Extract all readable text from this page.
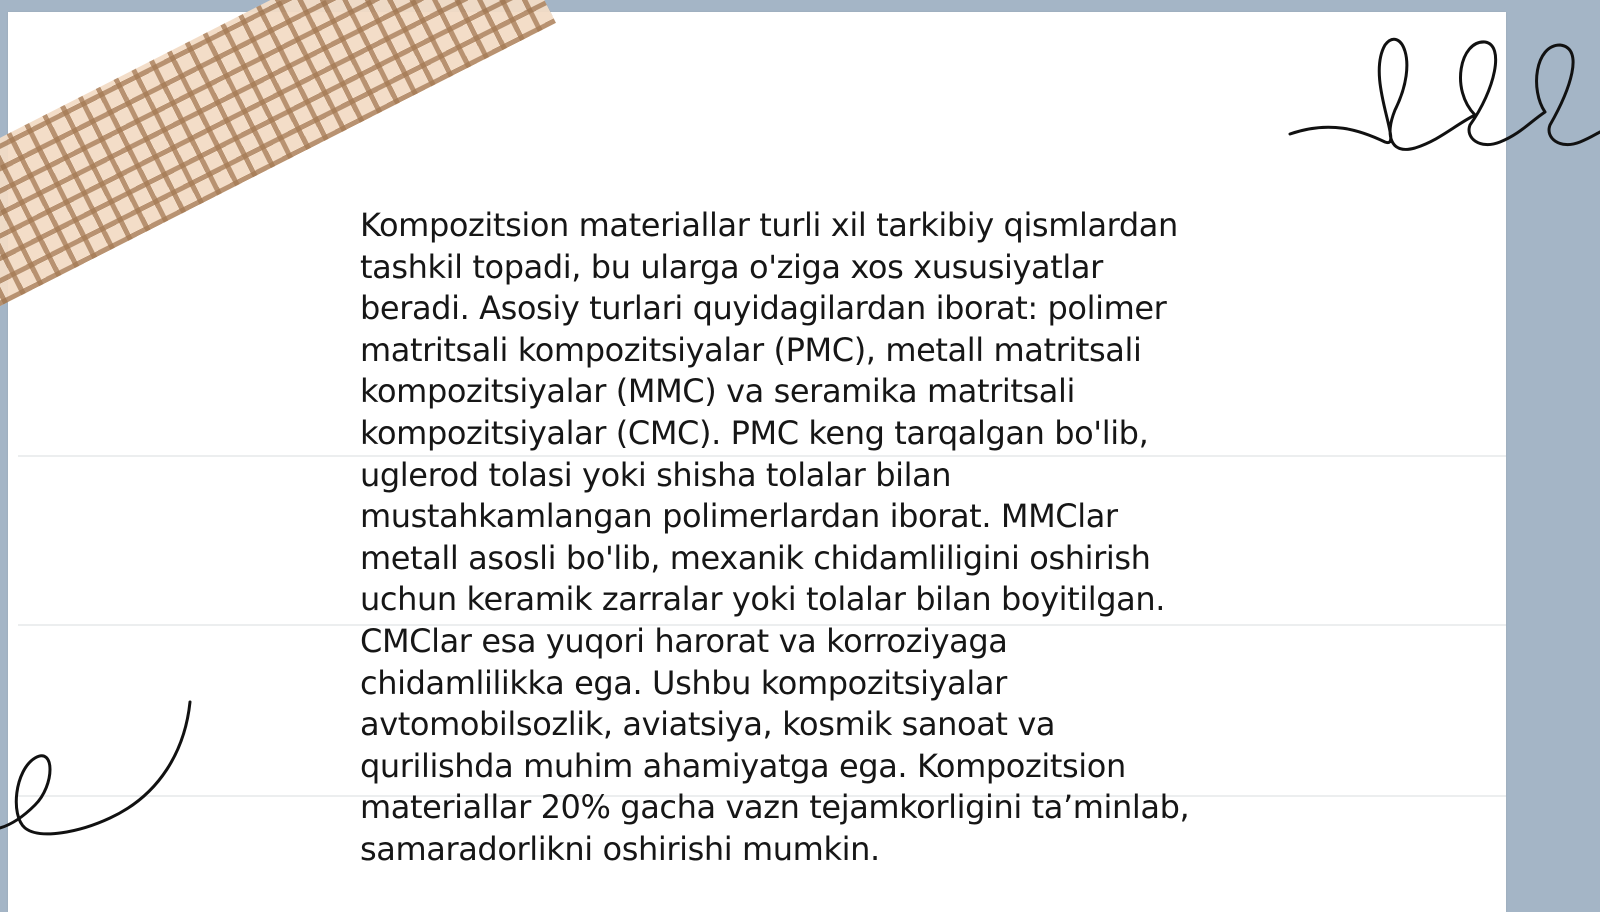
Kompozitsion materiallar turli xil tarkibiy qismlardan
tashkil topadi, bu ularga o'ziga xos xususiyatlar
beradi. Asosiy turlari quyidagilardan iborat: polimer
matritsali kompozitsiyalar (PMC), metall matritsali
kompozitsiyalar (MMC) va seramika matritsali
kompozitsiyalar (CMC). PMC keng tarqalgan bo'lib,
uglerod tolasi yoki shisha tolalar bilan
mustahkamlangan polimerlardan iborat. MMClar
metall asosli bo'lib, mexanik chidamliligini oshirish
uchun keramik zarralar yoki tolalar bilan boyitilgan.
CMClar esa yuqori harorat va korroziyaga
chidamlilikka ega. Ushbu kompozitsiyalar
avtomobilsozlik, aviatsiya, kosmik sanoat va
qurilishda muhim ahamiyatga ega. Kompozitsion
materiallar 20% gacha vazn tejamkorligini ta’minlab,
samaradorlikni oshirishi mumkin.
